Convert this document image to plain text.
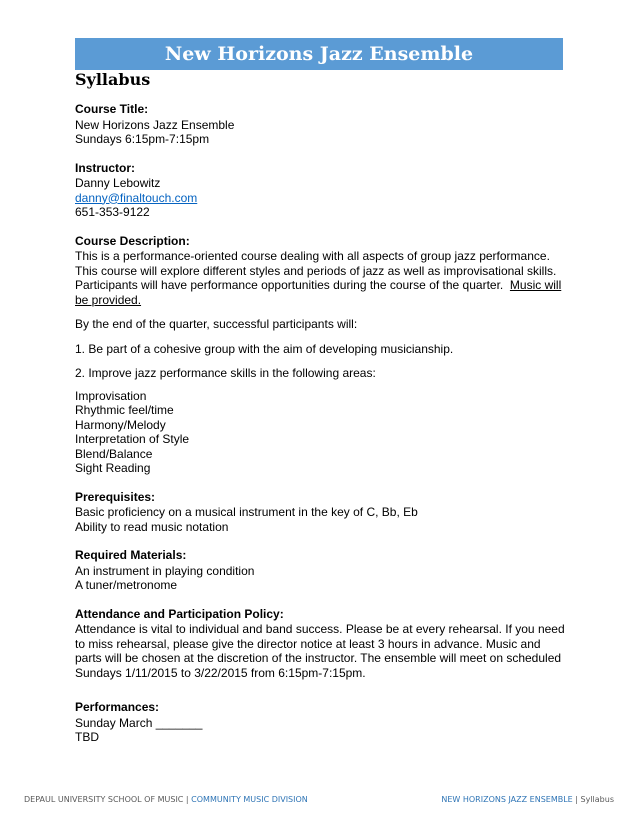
New Horizons Jazz Ensemble
Syllabus
Course Title:
New Horizons Jazz Ensemble
Sundays 6:15pm-7:15pm
Instructor:
Danny Lebowitz
danny@finaltouch.com
651-353-9122
Course Description:

This is a performance-oriented course dealing with all aspects of group jazz performance. This course will explore different styles and periods of jazz as well as improvisational skills. Participants will have performance opportunities during the course of the quarter. Music will be provided.

By the end of the quarter, successful participants will:

1. Be part of a cohesive group with the aim of developing musicianship.

2. Improve jazz performance skills in the following areas:

Improvisation
Rhythmic feel/time
Harmony/Melody
Interpretation of Style
Blend/Balance
Sight Reading
Prerequisites:
Basic proficiency on a musical instrument in the key of C, Bb, Eb
Ability to read music notation
Required Materials:
An instrument in playing condition
A tuner/metronome
Attendance and Participation Policy:

Attendance is vital to individual and band success. Please be at every rehearsal. If you need to miss rehearsal, please give the director notice at least 3 hours in advance. Music and parts will be chosen at the discretion of the instructor. The ensemble will meet on scheduled Sundays 1/11/2015 to 3/22/2015 from 6:15pm-7:15pm.

Performances:
Sunday March _______
TBD
DEPAUL UNIVERSITY SCHOOL OF MUSIC | COMMUNITY MUSIC DIVISION	NEW HORIZONS JAZZ ENSEMBLE | Syllabus
